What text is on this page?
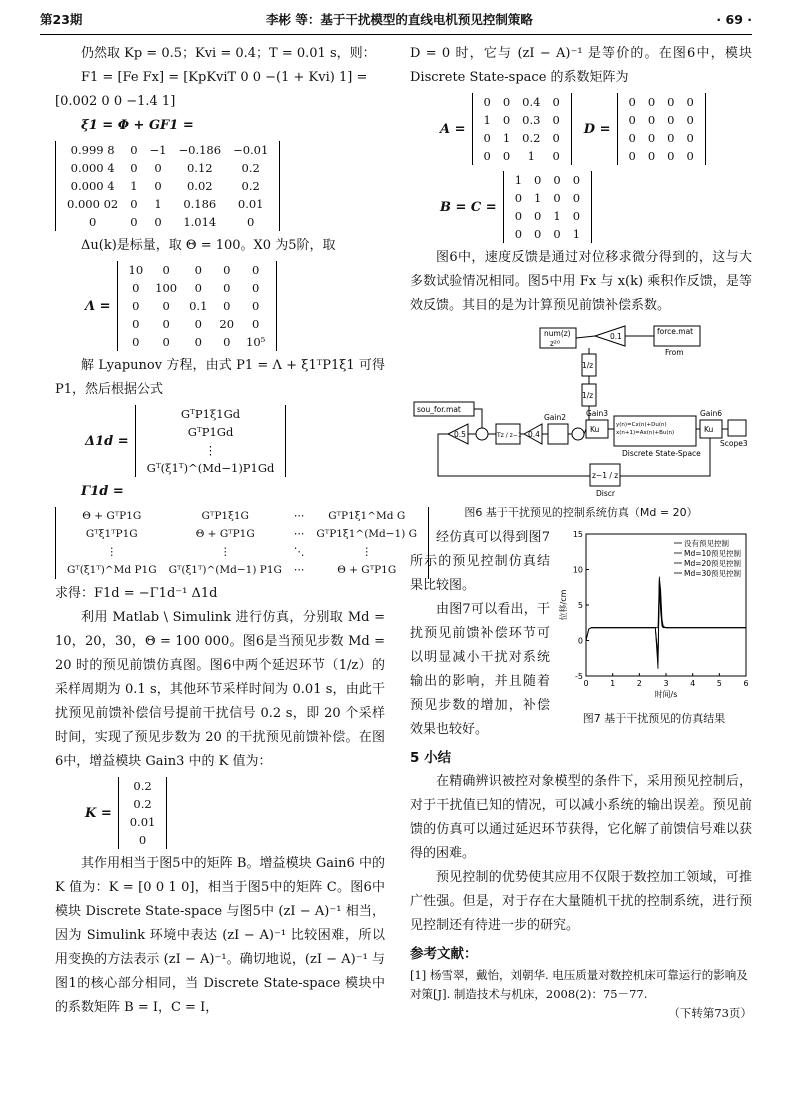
第23期	李彬 等：基于干扰模型的直线电机预见控制策略	· 69 ·

仍然取 Kp = 0.5；Kvi = 0.4；T = 0.01 s，则：

F1 = [Fe Fx] = [KpKviT 0 0 −(1 + Kvi) 1] =

[0.002 0 0 −1.4 1]

ξ1 = Φ + GF1 =

0.999 8	0	−1	−0.186	−0.01
0.000 4	0	0	0.12	0.2
0.000 4	1	0	0.02	0.2
0.000 02	0	1	0.186	0.01
0	0	0	1.014	0

Δu(k)是标量，取 Θ = 100。X0 为5阶，取

Λ =
10	0	0	0	0
0	100	0	0	0
0	0	0.1	0	0
0	0	0	20	0
0	0	0	0	10⁵

解 Lyapunov 方程，由式 P1 = Λ + ξ1ᵀP1ξ1 可得 P1，然后根据公式

Δ1d =
GᵀP1ξ1Gd
GᵀP1Gd
⋮
Gᵀ(ξ1ᵀ)^(Md−1)P1Gd

Γ1d =

Θ + GᵀP1G	GᵀP1ξ1G	⋯	GᵀP1ξ1^Md G
Gᵀξ1ᵀP1G	Θ + GᵀP1G	⋯	GᵀP1ξ1^(Md−1) G
⋮	⋮	⋱	⋮
Gᵀ(ξ1ᵀ)^Md P1G	Gᵀ(ξ1ᵀ)^(Md−1) P1G	⋯	Θ + GᵀP1G

求得：F1d = −Γ1d⁻¹ Δ1d

利用 Matlab \ Simulink 进行仿真，分别取 Md = 10，20，30，Θ = 100 000。图6是当预见步数 Md = 20 时的预见前馈仿真图。图6中两个延迟环节（1/z）的采样周期为 0.1 s，其他环节采样时间为 0.01 s，由此干扰预见前馈补偿信号提前干扰信号 0.2 s，即 20 个采样时间，实现了预见步数为 20 的干扰预见前馈补偿。在图6中，增益模块 Gain3 中的 K 值为：

K =
0.2
0.2
0.01
0

其作用相当于图5中的矩阵 B。增益模块 Gain6 中的 K 值为：K = [0 0 1 0]，相当于图5中的矩阵 C。图6中模块 Discrete State-space 与图5中 (zI − A)⁻¹ 相当，因为 Simulink 环境中表达 (zI − A)⁻¹ 比较困难，所以用变换的方法表示 (zI − A)⁻¹。确切地说，(zI − A)⁻¹ 与图1的核心部分相同，当 Discrete State-space 模块中的系数矩阵 B = I，C = I，

D = 0 时，它与 (zI − A)⁻¹ 是等价的。在图6中，模块 Discrete State-space 的系数矩阵为

A =
0	0	0.4	0
1	0	0.3	0
0	1	0.2	0
0	0	1	0
D =
0	0	0	0
0	0	0	0
0	0	0	0
0	0	0	0
B = C =
1	0	0	0
0	1	0	0
0	0	1	0
0	0	0	1

图6中，速度反馈是通过对位移求微分得到的，这与大多数试验情况相同。图5中用 Fx 与 x(k) 乘积作反馈，是等效反馈。其目的是为计算预见前馈补偿系数。

force.mat
From
0.1
num(z)
z²⁰
1/z
1/z
sou_for.mat
0.5	Tz / z−1 0.4
Gain2	Gain3
Ku	y(n)=Cx(n)+Du(n)
x(n+1)=Ax(n)+Bu(n)
Discrete State-Space
Gain6
Ku
Scope3
z−1 / z
Discr
图6 基于干扰预见的控制系统仿真（Md = 20）

经仿真可以得到图7所示的预见控制仿真结果比较图。

由图7可以看出，干扰预见前馈补偿环节可以明显减小干扰对系统输出的影响，并且随着预见步数的增加，补偿效果也较好。

0	1	2	3	4	5	6
-5
0
5
10
15
时间/s
位移/cm
没有预见控制
Md=10预见控制
Md=20预见控制
Md=30预见控制
图7 基于干扰预见的仿真结果
5 小结

在精确辨识被控对象模型的条件下，采用预见控制后，对于干扰值已知的情况，可以减小系统的输出误差。预见前馈的仿真可以通过延迟环节获得，它化解了前馈信号难以获得的困难。

预见控制的优势使其应用不仅限于数控加工领域，可推广性强。但是，对于存在大量随机干扰的控制系统，进行预见控制还有待进一步的研究。

参考文献：

[1] 杨雪翠，戴怡，刘朝华. 电压质量对数控机床可靠运行的影响及对策[J]. 制造技术与机床，2008(2)：75－77.

（下转第73页）
